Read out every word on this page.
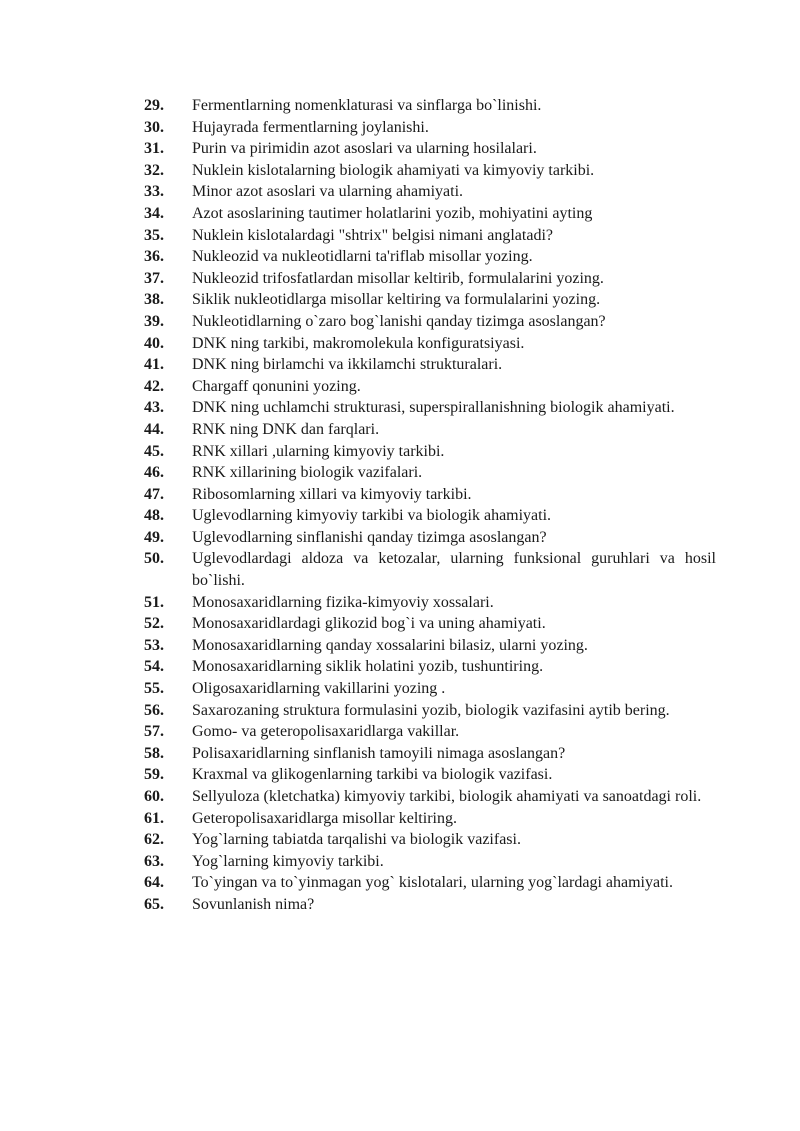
29.	Fermentlarning nomenklaturasi va sinflarga bo`linishi.
30.	Hujayrada fermentlarning joylanishi.
31.	Purin va pirimidin azot asoslari va ularning hosilalari.
32.	Nuklein kislotalarning biologik ahamiyati va kimyoviy tarkibi.
33.	Minor azot asoslari va ularning ahamiyati.
34.	Azot asoslarining tautimer holatlarini yozib, mohiyatini ayting
35.	Nuklein kislotalardagi "shtrix" belgisi nimani anglatadi?
36.	Nukleozid va nukleotidlarni ta'riflab misollar yozing.
37.	Nukleozid trifosfatlardan misollar keltirib, formulalarini yozing.
38.	Siklik nukleotidlarga misollar keltiring va formulalarini yozing.
39.	Nukleotidlarning o`zaro bog`lanishi qanday tizimga asoslangan?
40.	DNK ning tarkibi, makromolekula konfiguratsiyasi.
41.	DNK ning birlamchi va ikkilamchi strukturalari.
42.	Chargaff qonunini yozing.
43.	DNK ning uchlamchi strukturasi, superspirallanishning biologik ahamiyati.
44.	RNK ning DNK dan farqlari.
45.	RNK xillari ,ularning kimyoviy tarkibi.
46.	RNK xillarining biologik vazifalari.
47.	Ribosomlarning xillari va kimyoviy tarkibi.
48.	Uglevodlarning kimyoviy tarkibi va biologik ahamiyati.
49.	Uglevodlarning sinflanishi qanday tizimga asoslangan?
50.	Uglevodlardagi aldoza va ketozalar, ularning funksional guruhlari va hosil bo`lishi.
51.	Monosaxaridlarning fizika-kimyoviy xossalari.
52.	Monosaxaridlardagi glikozid bog`i va uning ahamiyati.
53.	Monosaxaridlarning qanday xossalarini bilasiz, ularni yozing.
54.	Monosaxaridlarning siklik holatini yozib, tushuntiring.
55.	Oligosaxaridlarning vakillarini yozing .
56.	Saxarozaning struktura formulasini yozib, biologik vazifasini aytib bering.
57.	Gomo- va geteropolisaxaridlarga vakillar.
58.	Polisaxaridlarning sinflanish tamoyili nimaga asoslangan?
59.	Kraxmal va glikogenlarning tarkibi va biologik vazifasi.
60.	Sellyuloza (kletchatka) kimyoviy tarkibi, biologik ahamiyati va sanoatdagi roli.
61.	Geteropolisaxaridlarga misollar keltiring.
62.	Yog`larning tabiatda tarqalishi va biologik vazifasi.
63.	Yog`larning kimyoviy tarkibi.
64.	To`yingan va to`yinmagan yog` kislotalari, ularning yog`lardagi ahamiyati.
65.	Sovunlanish nima?
